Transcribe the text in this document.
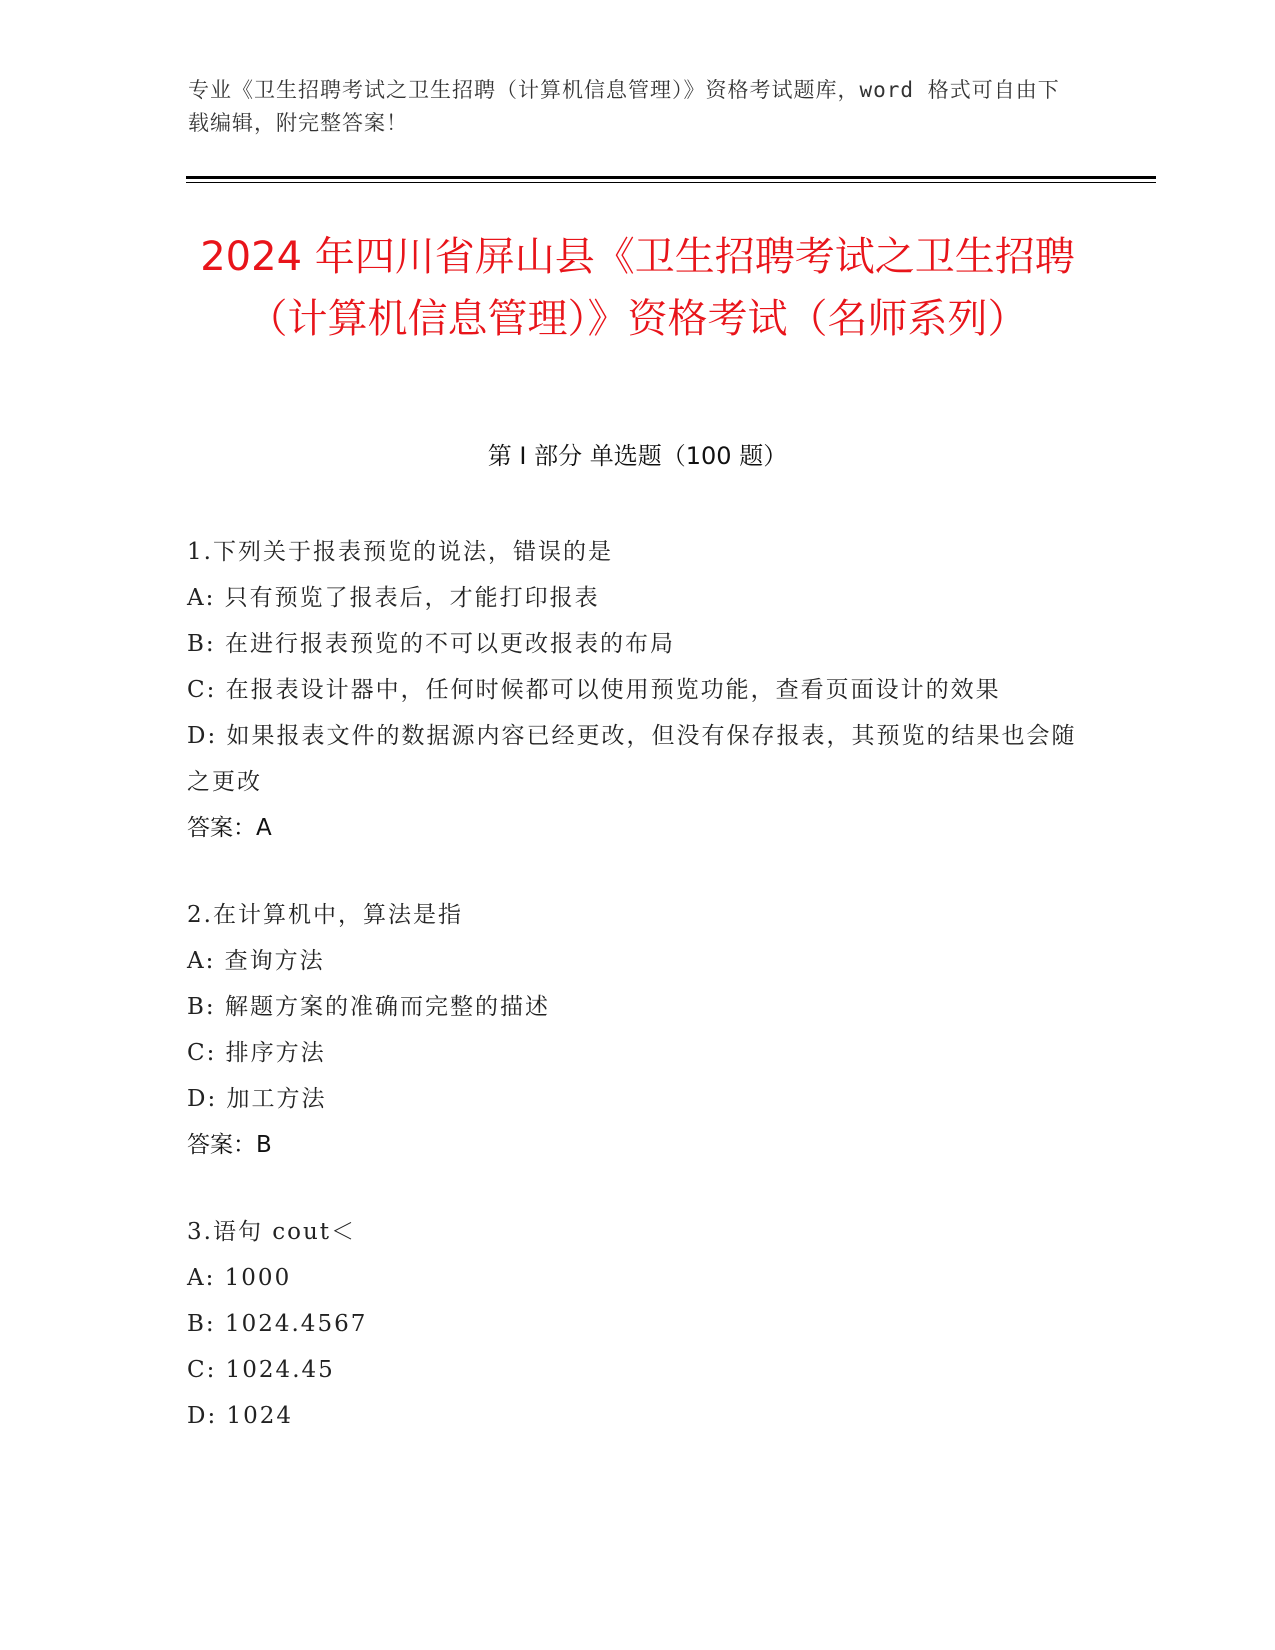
专业《卫生招聘考试之卫生招聘（计算机信息管理）》资格考试题库，word 格式可自由下载编辑，附完整答案！
2024 年四川省屏山县《卫生招聘考试之卫生招聘（计算机信息管理）》资格考试（名师系列）
第 I 部分 单选题（100 题）
1.下列关于报表预览的说法，错误的是
A: 只有预览了报表后，才能打印报表
B: 在进行报表预览的不可以更改报表的布局
C: 在报表设计器中，任何时候都可以使用预览功能，查看页面设计的效果
D: 如果报表文件的数据源内容已经更改，但没有保存报表，其预览的结果也会随之更改
答案：A
2.在计算机中，算法是指
A: 查询方法
B: 解题方案的准确而完整的描述
C: 排序方法
D: 加工方法
答案：B
3.语句 cout＜
A: 1000
B: 1024.4567
C: 1024.45
D: 1024
